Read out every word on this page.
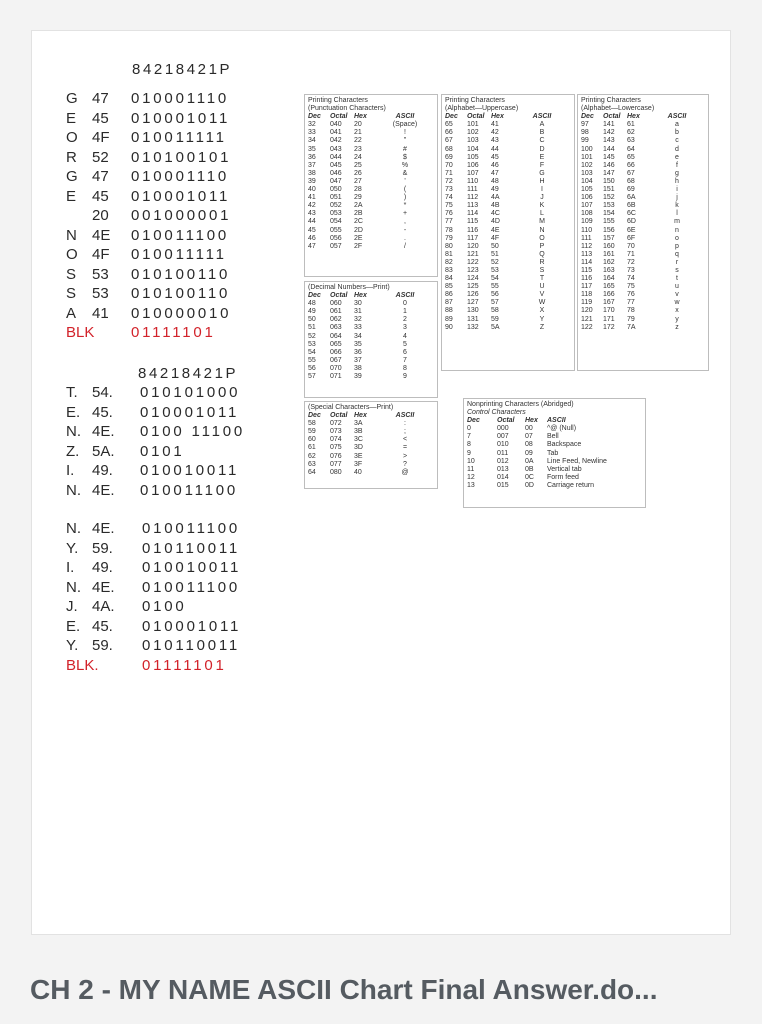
CH 2 - MY NAME ASCII Chart Final Answer.do...
84218421P
G 47 010001110
E 45 010001011
O 4F 010011111
R 52 010100101
G 47 010001110
E 45 010001011
20 001000001
N 4E 010011100
O 4F 010011111
S 53 010100110
S 53 010100110
A 41 010000010
BLK 01111101
84218421P
T. 54. 010101000
E. 45. 010001011
N. 4E. 0100 11100
Z. 5A. 0101
I. 49. 010010011
N. 4E. 010011100
N. 4E. 010011100
Y. 59. 010110011
I. 49. 010010011
N. 4E. 010011100
J. 4A. 0100
E. 45. 010001011
Y. 59. 010110011
BLK.	01111101
Printing Characters
(Punctuation Characters)
Dec	Octal Hex	ASCII
32	040	20	(Space)
33	041	21	!
34	042	22	"
35	043	23	#
36	044	24	$
37	045	25	%
38	046	26	&
39	047	27	'
40	050	28	(
41	051	29	)
42	052	2A	*
43	053	2B	+
44	054	2C	,
45	055	2D	-
46	056	2E	.
47	057	2F	/
(Decimal Numbers—Print)
Dec	Octal Hex	ASCII
48	060	30	0
49	061	31	1
50	062	32	2
51	063	33	3
52	064	34	4
53	065	35	5
54	066	36	6
55	067	37	7
56	070	38	8
57	071	39	9
(Special Characters—Print)
Dec	Octal Hex	ASCII
58	072	3A	:
59	073	3B	;
60	074	3C	<
61	075	3D	=
62	076	3E	>
63	077	3F	?
64	080	40	@
Printing Characters
(Alphabet—Uppercase)
Dec	Octal Hex	ASCII
65	101	41	A
66	102	42	B
67	103	43	C
68	104	44	D
69	105	45	E
70	106	46	F
71	107	47	G
72	110	48	H
73	111	49	I
74	112	4A	J
75	113	4B	K
76	114	4C	L
77	115	4D	M
78	116	4E	N
79	117	4F	O
80	120	50	P
81	121	51	Q
82	122	52	R
83	123	53	S
84	124	54	T
85	125	55	U
86	126	56	V
87	127	57	W
88	130	58	X
89	131	59	Y
90	132	5A	Z
Printing Characters
(Alphabet—Lowercase)
Dec	Octal Hex	ASCII
97	141	61	a
98	142	62	b
99	143	63	c
100	144	64	d
101	145	65	e
102	146	66	f
103	147	67	g
104	150	68	h
105	151	69	i
106	152	6A	j
107	153	6B	k
108	154	6C	l
109	155	6D	m
110	156	6E	n
111	157	6F	o
112	160	70	p
113	161	71	q
114	162	72	r
115	163	73	s
116	164	74	t
117	165	75	u
118	166	76	v
119	167	77	w
120	170	78	x
121	171	79	y
122	172	7A	z
Nonprinting Characters (Abridged)
Control Characters
Dec	Octal	Hex	ASCII
0	000	00	^@ (Null)
7	007	07	Bell
8	010	08	Backspace
9	011	09	Tab
10	012	0A	Line Feed, Newline
11	013	0B	Vertical tab
12	014	0C	Form feed
13	015	0D	Carriage return
